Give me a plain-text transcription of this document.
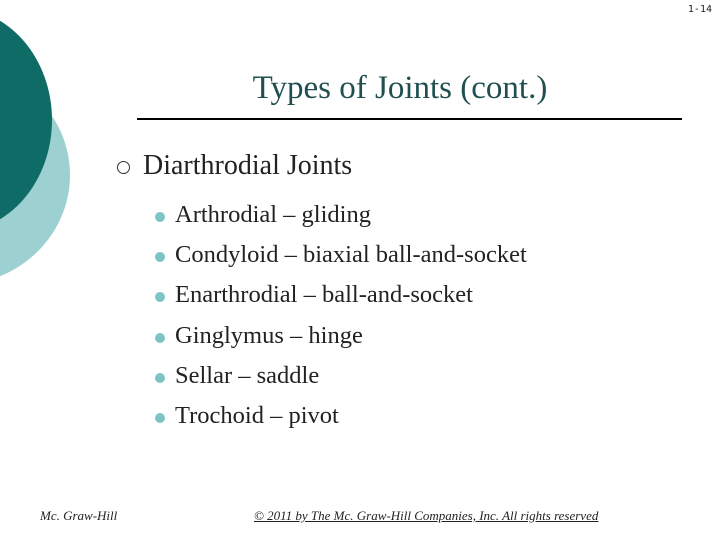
1-14
Types of Joints (cont.)
Diarthrodial Joints
Arthrodial – gliding
Condyloid – biaxial ball-and-socket
Enarthrodial – ball-and-socket
Ginglymus – hinge
Sellar – saddle
Trochoid – pivot
Mc. Graw-Hill	© 2011 by The Mc. Graw-Hill Companies, Inc. All rights reserved
